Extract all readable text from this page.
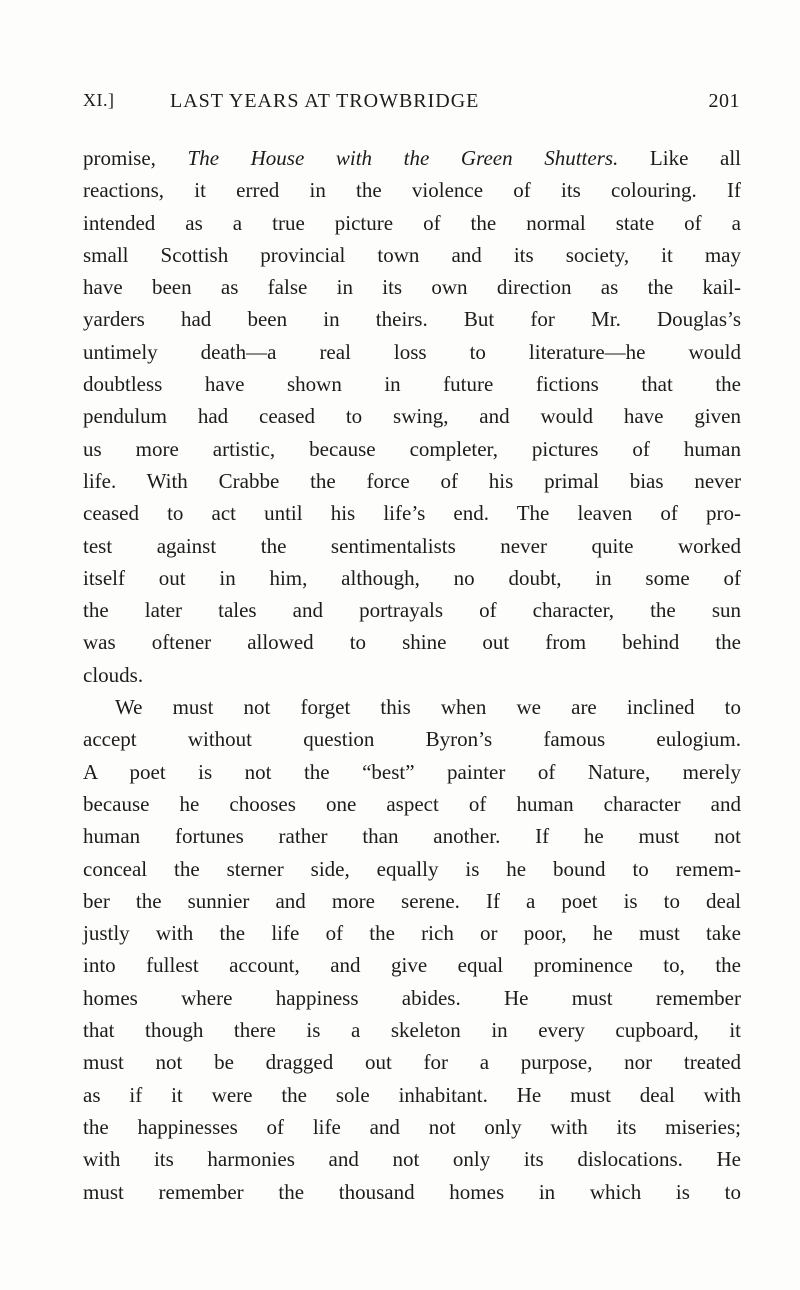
XI.]	LAST YEARS AT TROWBRIDGE	201
promise, The House with the Green Shutters. Like all
reactions, it erred in the violence of its colouring. If
intended as a true picture of the normal state of a
small Scottish provincial town and its society, it may
have been as false in its own direction as the kail-
yarders had been in theirs. But for Mr. Douglas’s
untimely death—a real loss to literature—he would
doubtless have shown in future fictions that the
pendulum had ceased to swing, and would have given
us more artistic, because completer, pictures of human
life. With Crabbe the force of his primal bias never
ceased to act until his life’s end. The leaven of pro-
test against the sentimentalists never quite worked
itself out in him, although, no doubt, in some of
the later tales and portrayals of character, the sun
was oftener allowed to shine out from behind the
clouds.
We must not forget this when we are inclined to
accept without question Byron’s famous eulogium.
A poet is not the “best” painter of Nature, merely
because he chooses one aspect of human character and
human fortunes rather than another. If he must not
conceal the sterner side, equally is he bound to remem-
ber the sunnier and more serene. If a poet is to deal
justly with the life of the rich or poor, he must take
into fullest account, and give equal prominence to, the
homes where happiness abides. He must remember
that though there is a skeleton in every cupboard, it
must not be dragged out for a purpose, nor treated
as if it were the sole inhabitant. He must deal with
the happinesses of life and not only with its miseries;
with its harmonies and not only its dislocations. He
must remember the thousand homes in which is to
